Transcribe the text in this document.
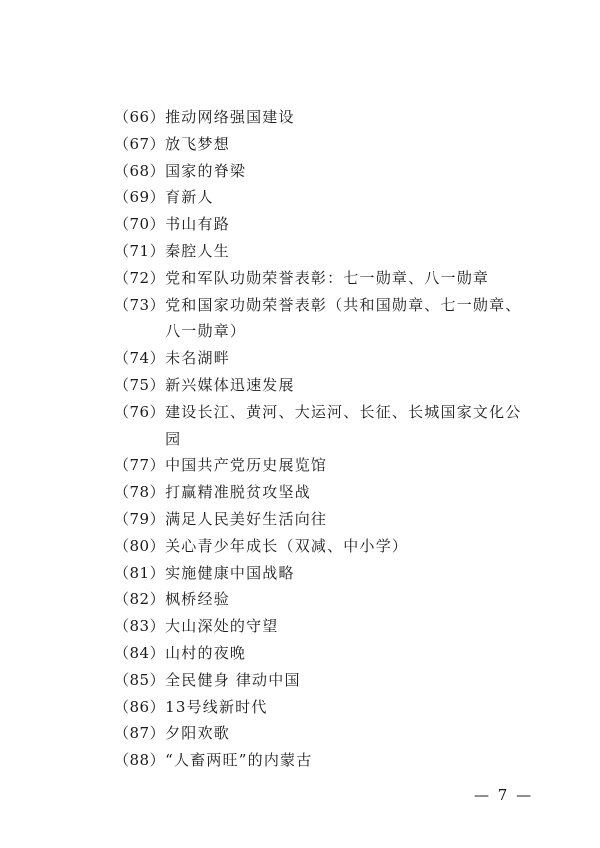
（66） 推动网络强国建设
（67） 放飞梦想
（68） 国家的脊梁
（69） 育新人
（70） 书山有路
（71） 秦腔人生
（72） 党和军队功勋荣誉表彰：七一勋章、八一勋章
（73） 党和国家功勋荣誉表彰（共和国勋章、七一勋章、八一勋章）
（74） 未名湖畔
（75） 新兴媒体迅速发展
（76） 建设长江、黄河、大运河、长征、长城国家文化公园
（77） 中国共产党历史展览馆
（78） 打赢精准脱贫攻坚战
（79） 满足人民美好生活向往
（80） 关心青少年成长（双减、中小学）
（81） 实施健康中国战略
（82） 枫桥经验
（83） 大山深处的守望
（84） 山村的夜晚
（85） 全民健身 律动中国
（86） 13号线新时代
（87） 夕阳欢歌
（88） “人畜两旺”的内蒙古
— 7 —
